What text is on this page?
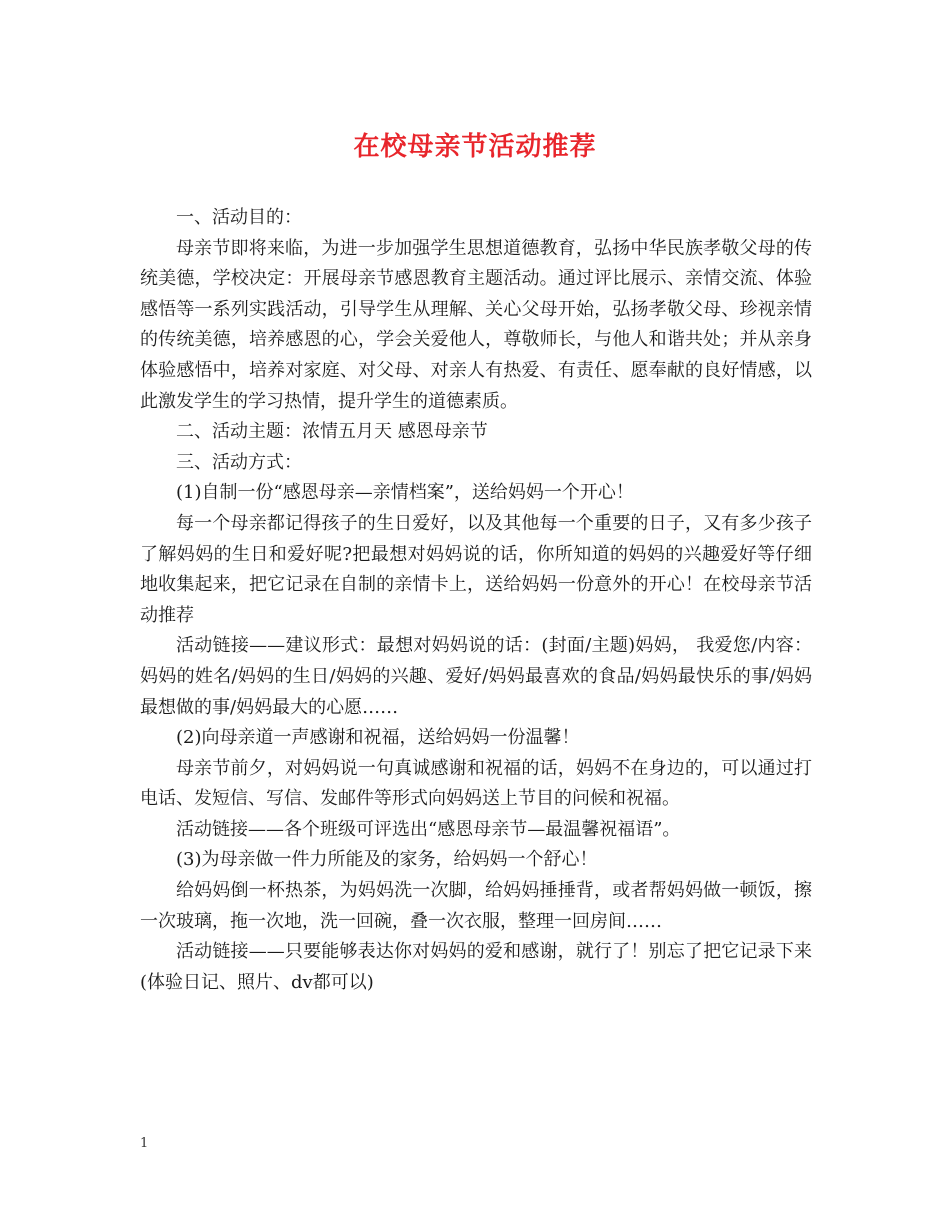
在校母亲节活动推荐

一、活动目的：

母亲节即将来临，为进一步加强学生思想道德教育，弘扬中华民族孝敬父母的传统美德，学校决定：开展母亲节感恩教育主题活动。通过评比展示、亲情交流、体验感悟等一系列实践活动，引导学生从理解、关心父母开始，弘扬孝敬父母、珍视亲情的传统美德，培养感恩的心，学会关爱他人，尊敬师长，与他人和谐共处；并从亲身体验感悟中，培养对家庭、对父母、对亲人有热爱、有责任、愿奉献的良好情感，以此激发学生的学习热情，提升学生的道德素质。

二、活动主题：浓情五月天 感恩母亲节

三、活动方式：

(1)自制一份“感恩母亲—亲情档案”，送给妈妈一个开心！

每一个母亲都记得孩子的生日爱好，以及其他每一个重要的日子，又有多少孩子了解妈妈的生日和爱好呢?把最想对妈妈说的话，你所知道的妈妈的兴趣爱好等仔细地收集起来，把它记录在自制的亲情卡上，送给妈妈一份意外的开心！在校母亲节活动推荐

活动链接——建议形式：最想对妈妈说的话：(封面/主题)妈妈， 我爱您/内容：妈妈的姓名/妈妈的生日/妈妈的兴趣、爱好/妈妈最喜欢的食品/妈妈最快乐的事/妈妈最想做的事/妈妈最大的心愿……

(2)向母亲道一声感谢和祝福，送给妈妈一份温馨！

母亲节前夕，对妈妈说一句真诚感谢和祝福的话，妈妈不在身边的，可以通过打电话、发短信、写信、发邮件等形式向妈妈送上节目的问候和祝福。

活动链接——各个班级可评选出“感恩母亲节—最温馨祝福语”。

(3)为母亲做一件力所能及的家务，给妈妈一个舒心！

给妈妈倒一杯热茶，为妈妈洗一次脚，给妈妈捶捶背，或者帮妈妈做一顿饭，擦一次玻璃，拖一次地，洗一回碗，叠一次衣服，整理一回房间……

活动链接——只要能够表达你对妈妈的爱和感谢，就行了！别忘了把它记录下来(体验日记、照片、dv都可以)

1
